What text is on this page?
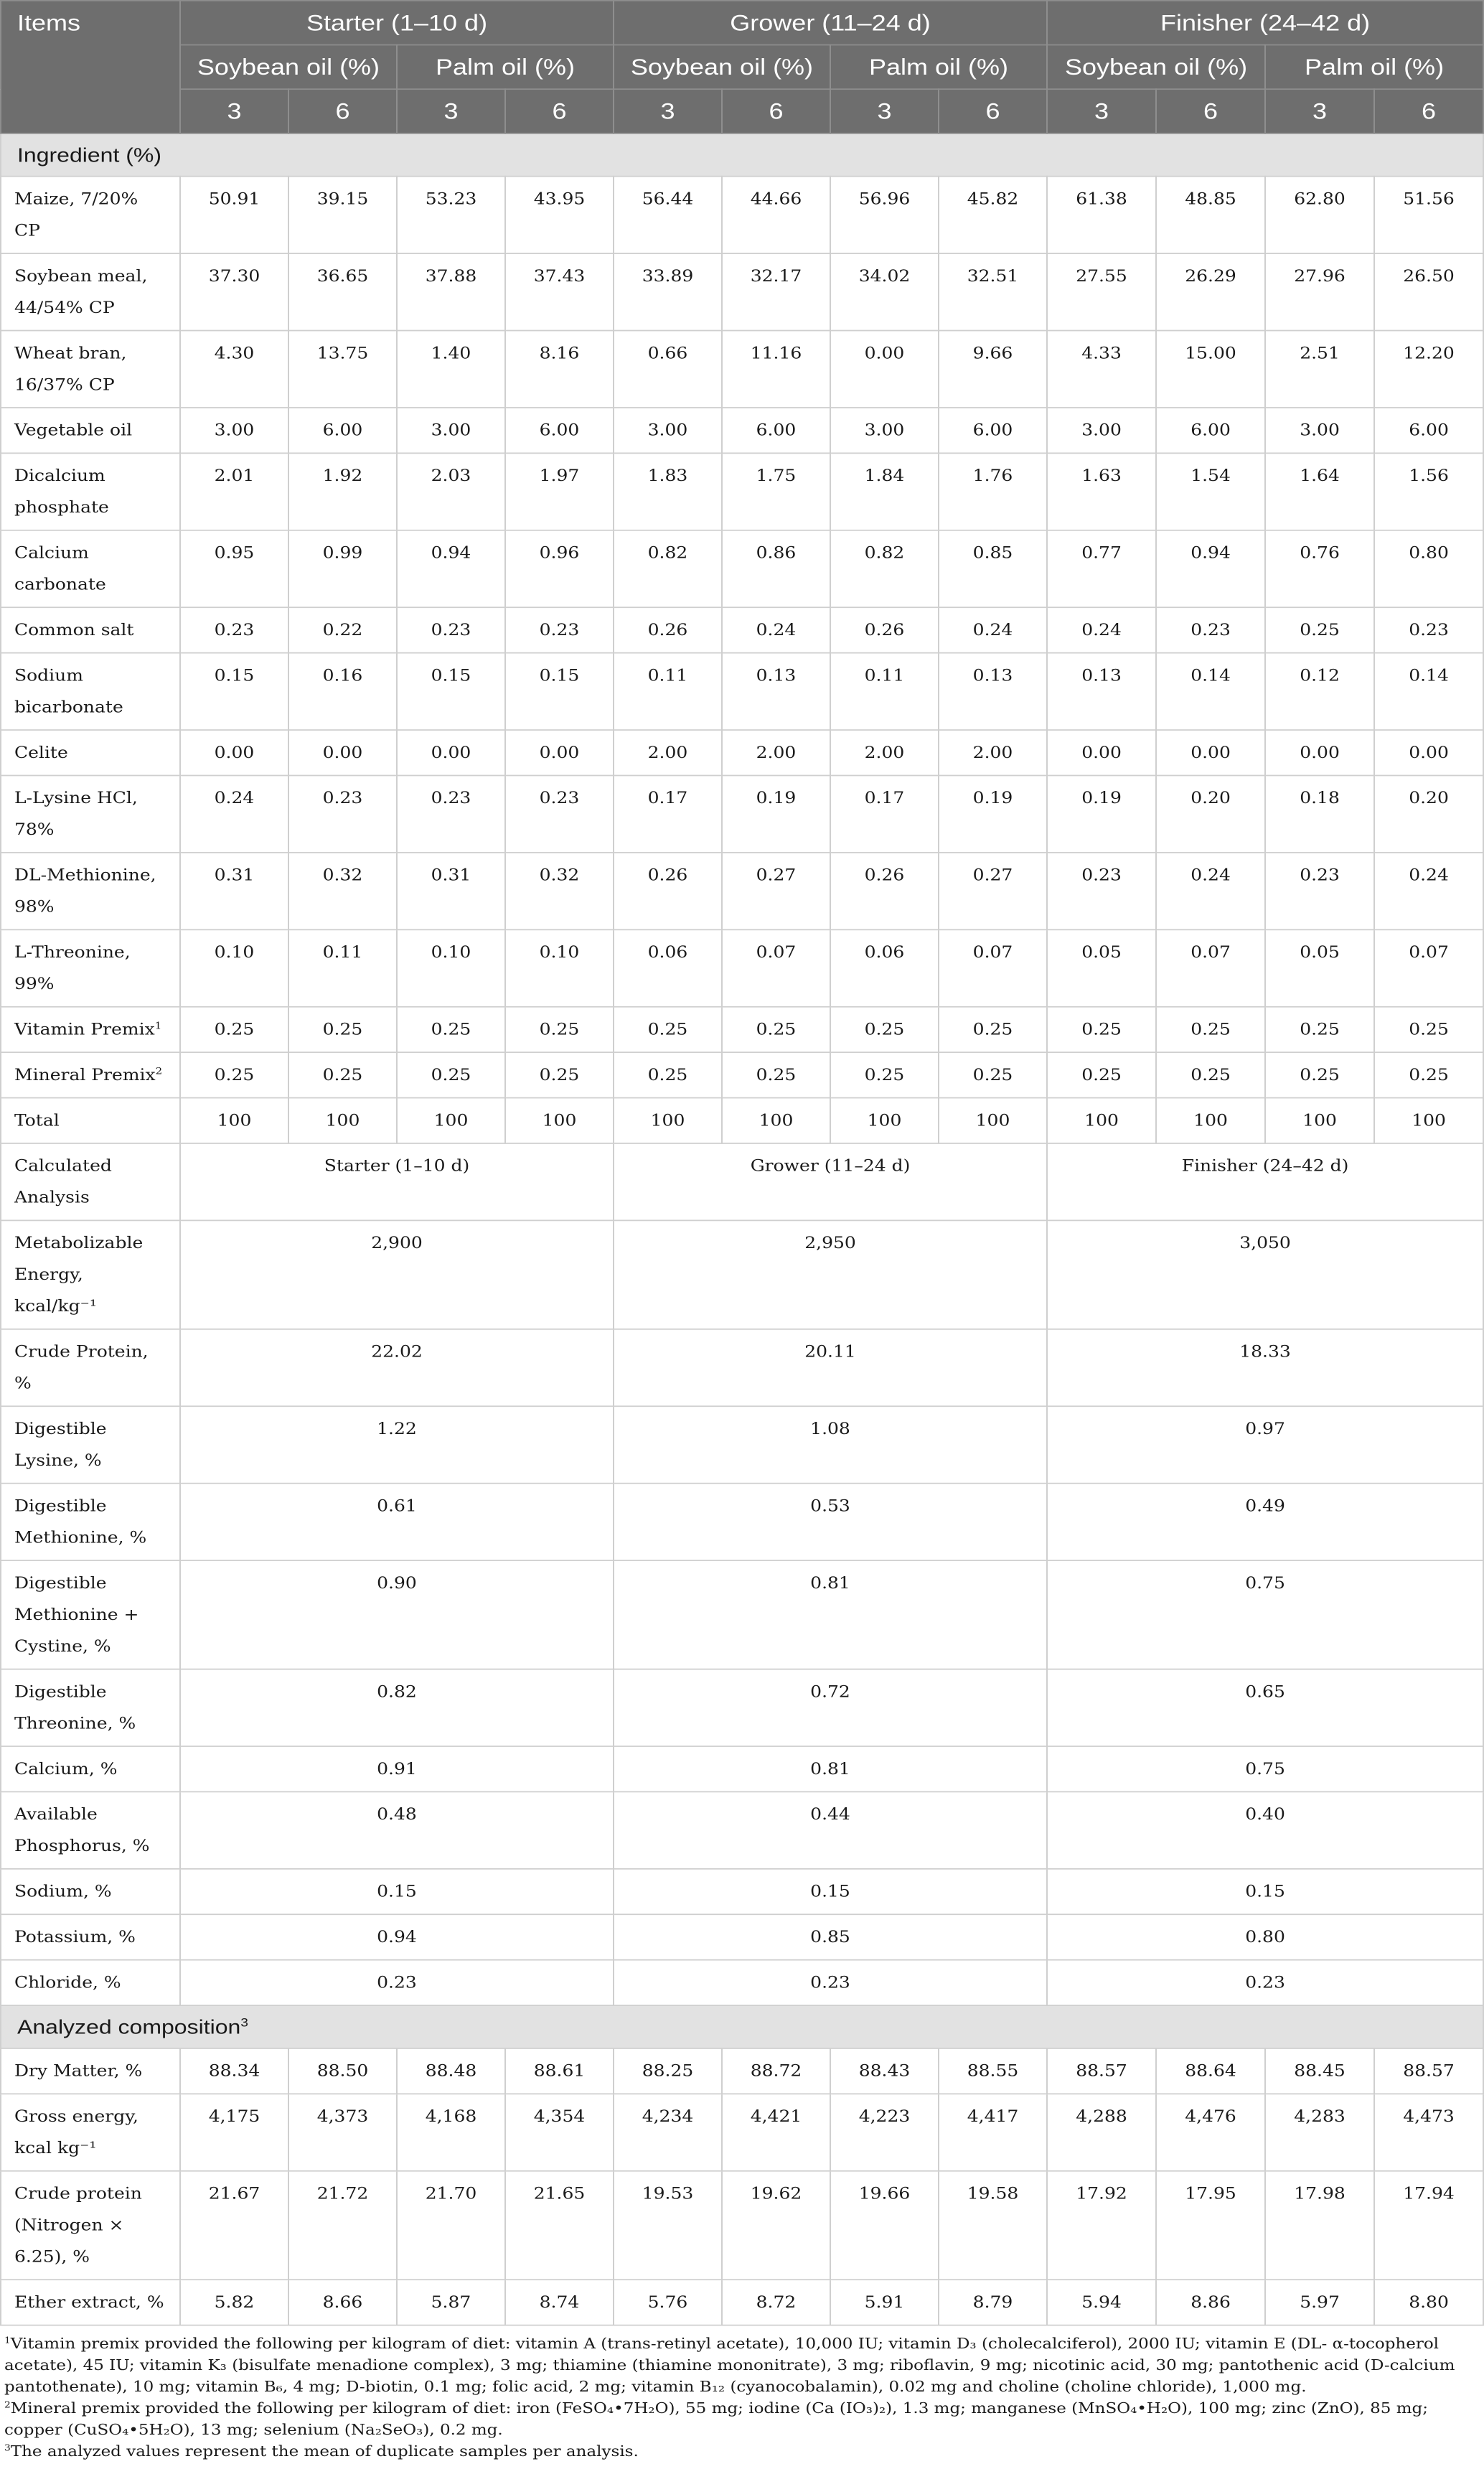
Items	Starter (1–10 d)				Grower (11–24 d)				Finisher (24–42 d)			
	Soybean oil (%)		Palm oil (%)		Soybean oil (%)		Palm oil (%)		Soybean oil (%)		Palm oil (%)	
	3	6	3	6	3	6	3	6	3	6	3	6
Ingredient (%)												
Maize, 7/20% CP	50.91	39.15	53.23	43.95	56.44	44.66	56.96	45.82	61.38	48.85	62.80	51.56
Soybean meal, 44/54% CP	37.30	36.65	37.88	37.43	33.89	32.17	34.02	32.51	27.55	26.29	27.96	26.50
Wheat bran, 16/37% CP	4.30	13.75	1.40	8.16	0.66	11.16	0.00	9.66	4.33	15.00	2.51	12.20
Vegetable oil	3.00	6.00	3.00	6.00	3.00	6.00	3.00	6.00	3.00	6.00	3.00	6.00
Dicalcium phosphate	2.01	1.92	2.03	1.97	1.83	1.75	1.84	1.76	1.63	1.54	1.64	1.56
Calcium carbonate	0.95	0.99	0.94	0.96	0.82	0.86	0.82	0.85	0.77	0.94	0.76	0.80
Common salt	0.23	0.22	0.23	0.23	0.26	0.24	0.26	0.24	0.24	0.23	0.25	0.23
Sodium bicarbonate	0.15	0.16	0.15	0.15	0.11	0.13	0.11	0.13	0.13	0.14	0.12	0.14
Celite	0.00	0.00	0.00	0.00	2.00	2.00	2.00	2.00	0.00	0.00	0.00	0.00
L-Lysine HCl, 78%	0.24	0.23	0.23	0.23	0.17	0.19	0.17	0.19	0.19	0.20	0.18	0.20
DL-Methionine, 98%	0.31	0.32	0.31	0.32	0.26	0.27	0.26	0.27	0.23	0.24	0.23	0.24
L-Threonine, 99%	0.10	0.11	0.10	0.10	0.06	0.07	0.06	0.07	0.05	0.07	0.05	0.07
Vitamin Premix$^1$	0.25	0.25	0.25	0.25	0.25	0.25	0.25	0.25	0.25	0.25	0.25	0.25
Mineral Premix$^2$	0.25	0.25	0.25	0.25	0.25	0.25	0.25	0.25	0.25	0.25	0.25	0.25
Total	100	100	100	100	100	100	100	100	100	100	100	100
Calculated Analysis	Starter (1–10 d)				Grower (11–24 d)				Finisher (24–42 d)			
Metabolizable Energy, kcal/kg⁻¹	2,900				2,950				3,050			
Crude Protein, %	22.02				20.11				18.33			
Digestible Lysine, %	1.22				1.08				0.97			
Digestible Methionine, %	0.61				0.53				0.49			
Digestible Methionine + Cystine, %	0.90				0.81				0.75			
Digestible Threonine, %	0.82				0.72				0.65			
Calcium, %	0.91				0.81				0.75			
Available Phosphorus, %	0.48				0.44				0.40			
Sodium, %	0.15				0.15				0.15			
Potassium, %	0.94				0.85				0.80			
Chloride, %	0.23				0.23				0.23			
Analyzed composition$^3$
Dry Matter, %	88.34	88.50	88.48	88.61	88.25	88.72	88.43	88.55	88.57	88.64	88.45	88.57
Gross energy, kcal kg⁻¹	4,175	4,373	4,168	4,354	4,234	4,421	4,223	4,417	4,288	4,476	4,283	4,473
Crude protein (Nitrogen × 6.25), %	21.67	21.72	21.70	21.65	19.53	19.62	19.66	19.58	17.92	17.95	17.98	17.94
Ether extract, %	5.82	8.66	5.87	8.74	5.76	8.72	5.91	8.79	5.94	8.86	5.97	8.80

$^1$Vitamin premix provided the following per kilogram of diet: vitamin A (trans-retinyl acetate), 10,000 IU; vitamin D₃ (cholecalciferol), 2000 IU; vitamin E (DL- α-tocopherol acetate), 45 IU; vitamin K₃ (bisulfate menadione complex), 3 mg; thiamine (thiamine mononitrate), 3 mg; riboflavin, 9 mg; nicotinic acid, 30 mg; pantothenic acid (D-calcium pantothenate), 10 mg; vitamin B₆, 4 mg; D-biotin, 0.1 mg; folic acid, 2 mg; vitamin B₁₂ (cyanocobalamin), 0.02 mg and choline (choline chloride), 1,000 mg.

$^2$Mineral premix provided the following per kilogram of diet: iron (FeSO₄•7H₂O), 55 mg; iodine (Ca (IO₃)₂), 1.3 mg; manganese (MnSO₄•H₂O), 100 mg; zinc (ZnO), 85 mg; copper (CuSO₄•5H₂O), 13 mg; selenium (Na₂SeO₃), 0.2 mg.

$^3$The analyzed values represent the mean of duplicate samples per analysis.
